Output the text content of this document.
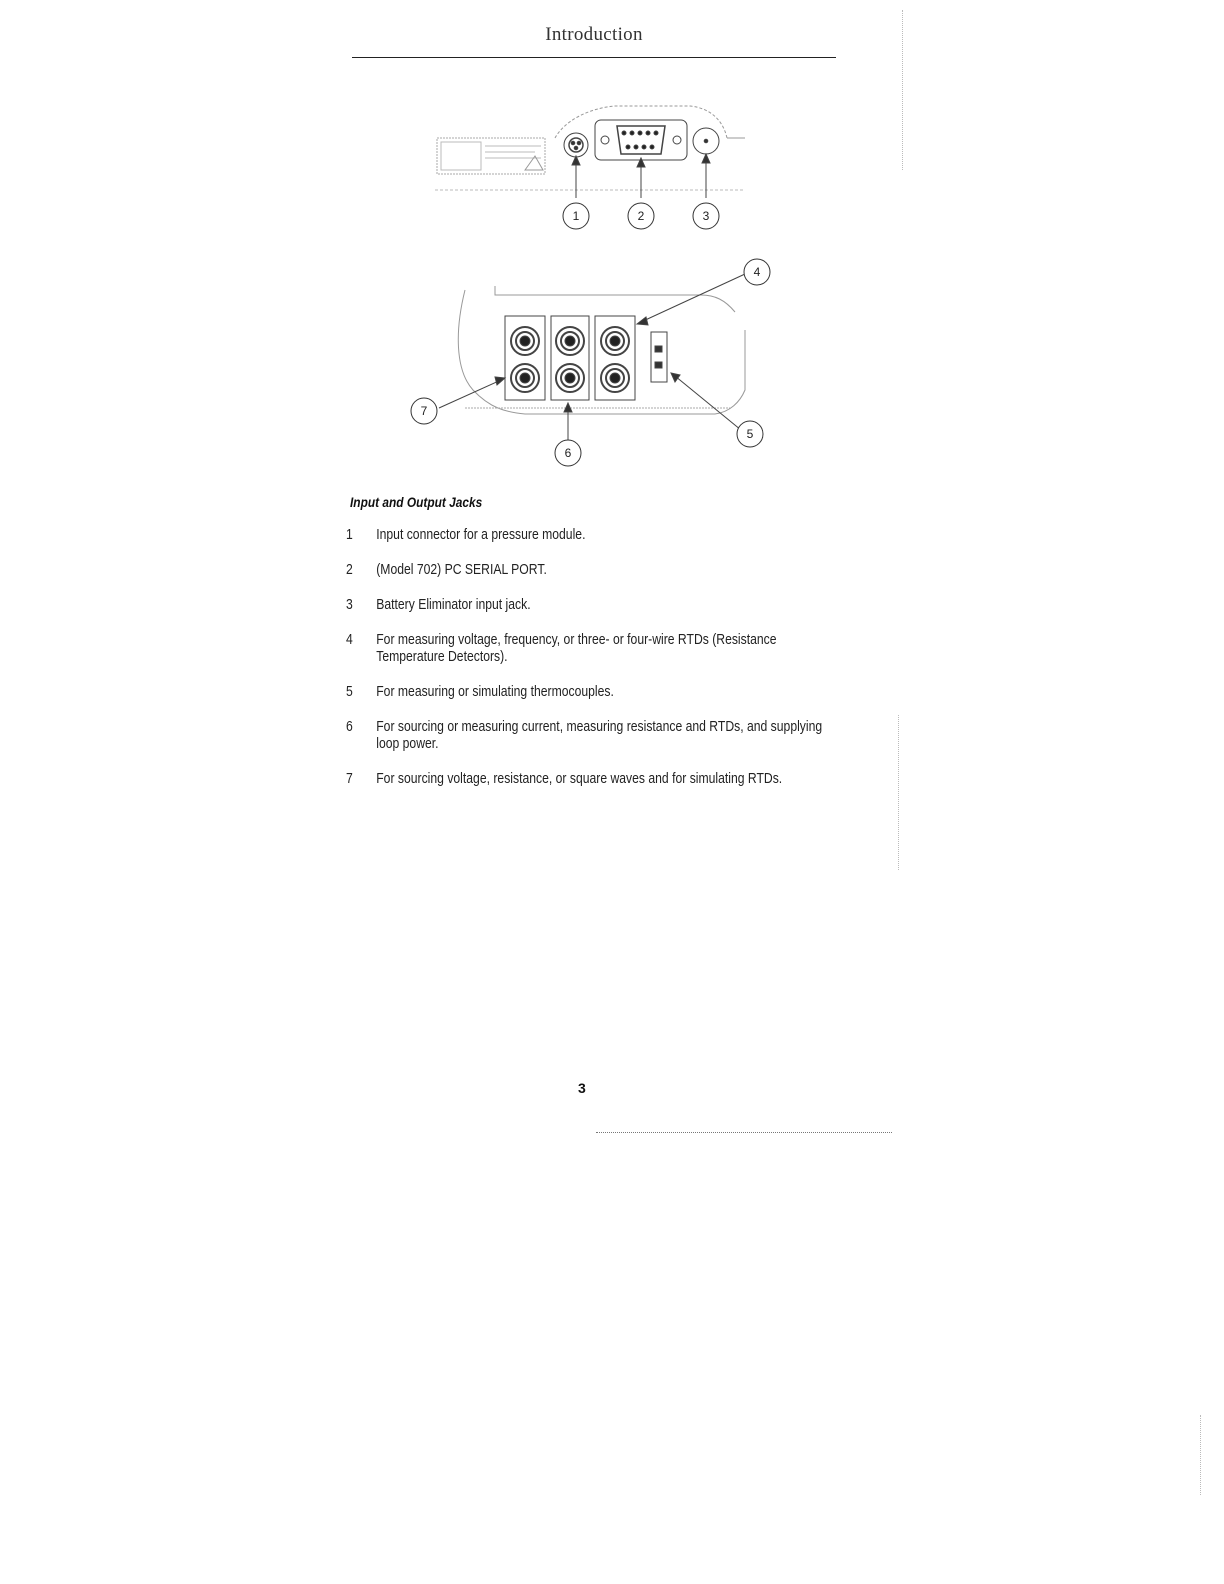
Introduction
1	2	3
4
5
6
7
Input and Output Jacks
1	Input connector for a pressure module.
2	(Model 702) PC SERIAL PORT.
3	Battery Eliminator input jack.
4	For measuring voltage, frequency, or three- or four-wire RTDs (Resistance Temperature Detectors).
5	For measuring or simulating thermocouples.
6	For sourcing or measuring current, measuring resistance and RTDs, and supplying loop power.
7	For sourcing voltage, resistance, or square waves and for simulating RTDs.
3
